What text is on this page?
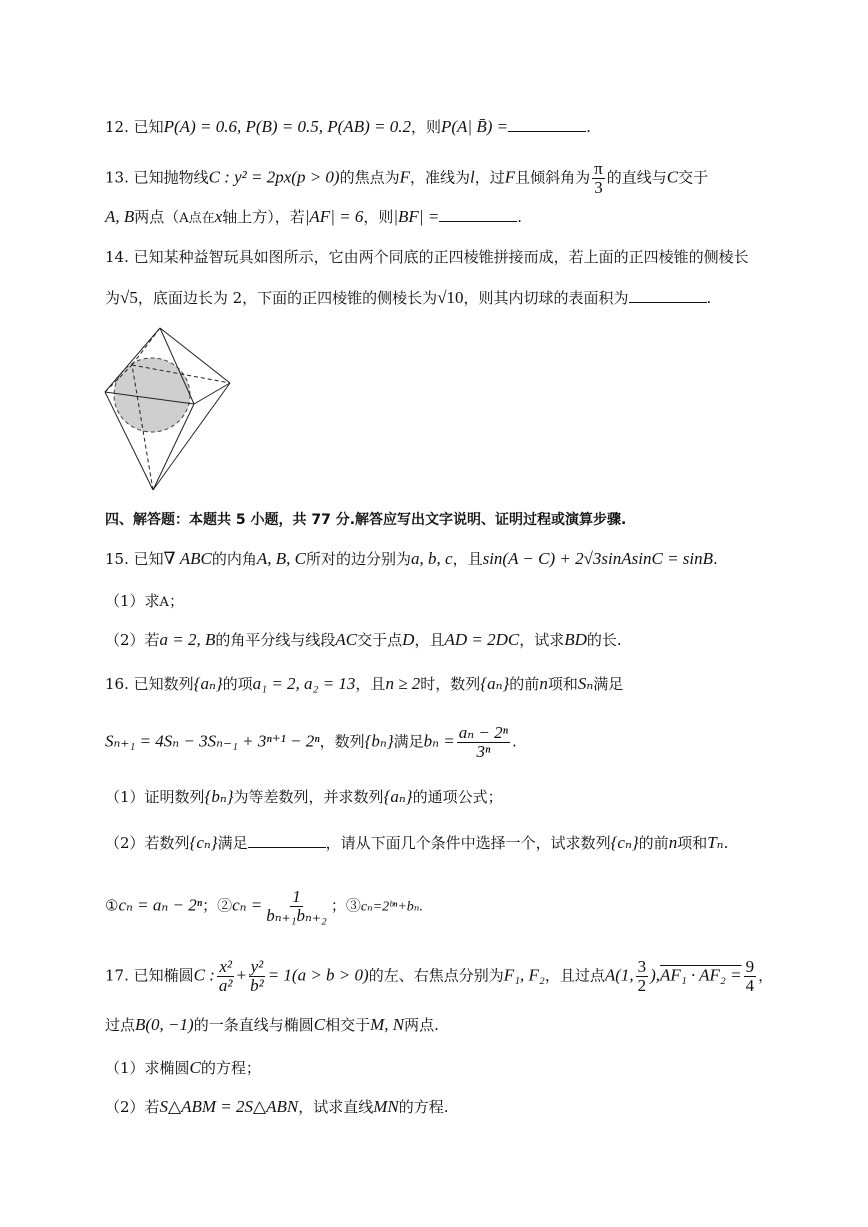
12. 已知P(A) = 0.6, P(B) = 0.5, P(AB) = 0.2，则P(A| B̄) =	.
13. 已知抛物线C : y² = 2px(p > 0)的焦点为F，准线为l，过F且倾斜角为 $\frac{\pi}{3}$ 的直线与C交于
A, B两点（A点在x轴上方），若|AF| = 6，则|BF| =	.
14. 已知某种益智玩具如图所示，它由两个同底的正四棱锥拼接而成，若上面的正四棱锥的侧棱长
为√5，底面边长为 2，下面的正四棱锥的侧棱长为√10，则其内切球的表面积为	.
四、解答题：本题共 5 小题，共 77 分.解答应写出文字说明、证明过程或演算步骤.
15. 已知∇ ABC的内角A, B, C所对的边分别为a, b, c，且sin(A − C) + 2√3sinAsinC = sinB.
（1）求A；
（2）若a = 2, B的角平分线与线段AC交于点D，且AD = 2DC，试求BD的长.
16. 已知数列{aₙ}的项a₁ = 2, a₂ = 13，且n ≥ 2时，数列{aₙ}的前n项和Sₙ满足
Sₙ₊₁ = 4Sₙ − 3Sₙ₋₁ + 3ⁿ⁺¹ − 2ⁿ，数列{bₙ}满足$b_n = \frac{\text{aₙ − 2ⁿ}}{\text{3ⁿ}}$ .
（1）证明数列{bₙ}为等差数列，并求数列{aₙ}的通项公式；
（2）若数列{cₙ}满足	，请从下面几个条件中选择一个，试求数列{cₙ}的前n项和Tₙ.
①cₙ = aₙ − 2ⁿ；②cₙ = $\frac{1}{\text{bₙ₊₁bₙ₊₂}}$ ；③cₙ=2ᵇⁿ+bₙ.
17. 已知椭圆C : $\frac{\text{x²}}{\text{a²}} + \frac{\text{y²}}{\text{b²}} = 1(a > b > 0)$的左、右焦点分别为F₁, F₂，且过点A(1, $\frac{3}{2} ),AF_1 \cdot AF_2 = \frac{9}{4}$ ，
过点B(0, −1)的一条直线与椭圆C相交于M, N两点.
（1）求椭圆C的方程；
（2）若S△ABM = 2S△ABN，试求直线MN的方程.
